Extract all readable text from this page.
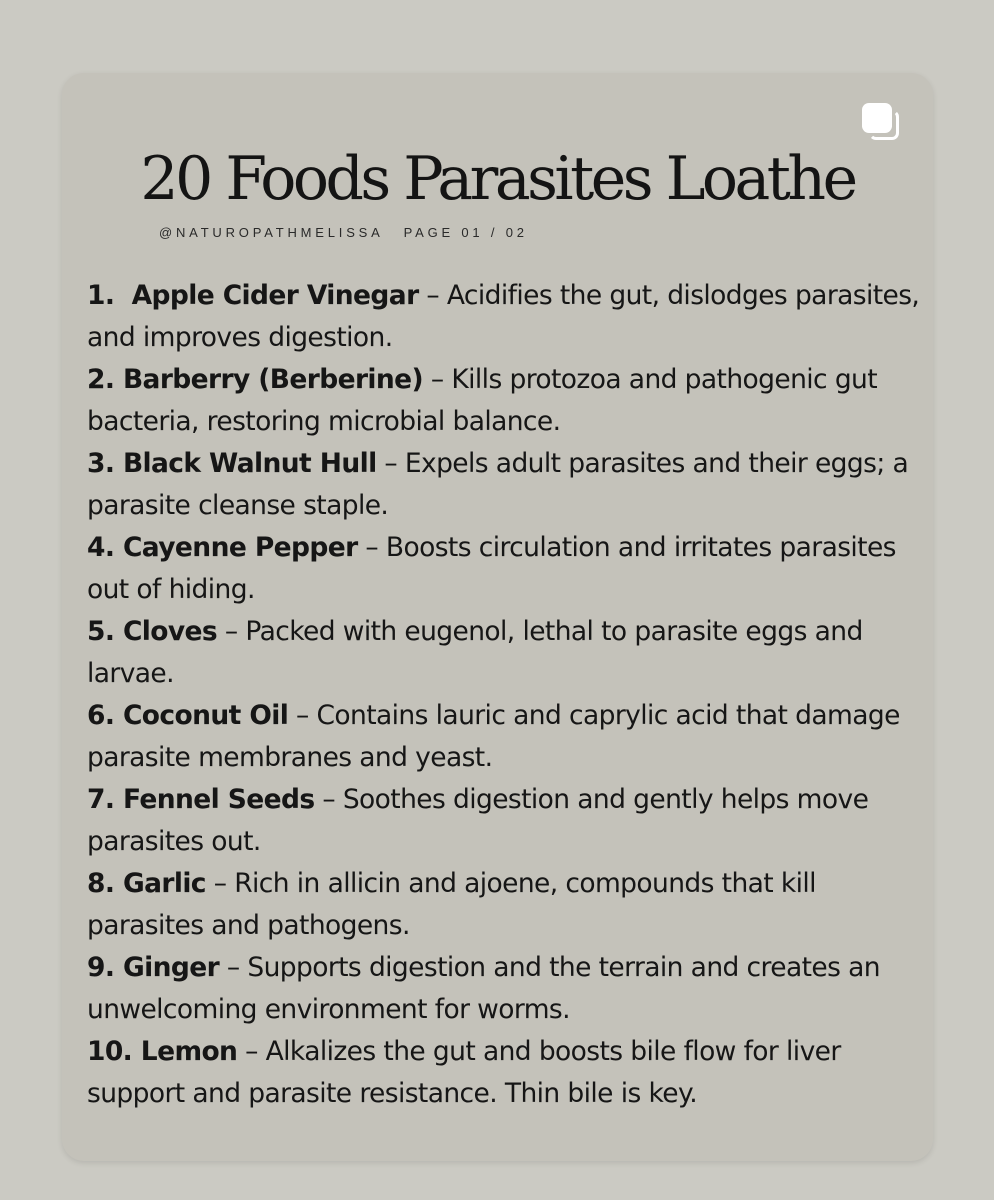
20 Foods Parasites Loathe
@NATUROPATHMELISSA PAGE 01 / 02
1.  Apple Cider Vinegar – Acidifies the gut, dislodges parasites, and improves digestion.
2. Barberry (Berberine) – Kills protozoa and pathogenic gut bacteria, restoring microbial balance.
3. Black Walnut Hull – Expels adult parasites and their eggs; a parasite cleanse staple.
4. Cayenne Pepper – Boosts circulation and irritates parasites out of hiding.
5. Cloves – Packed with eugenol, lethal to parasite eggs and larvae.
6. Coconut Oil – Contains lauric and caprylic acid that damage parasite membranes and yeast.
7. Fennel Seeds – Soothes digestion and gently helps move parasites out.
8. Garlic – Rich in allicin and ajoene, compounds that kill parasites and pathogens.
9. Ginger – Supports digestion and the terrain and creates an unwelcoming environment for worms.
10. Lemon – Alkalizes the gut and boosts bile flow for liver support and parasite resistance. Thin bile is key.
